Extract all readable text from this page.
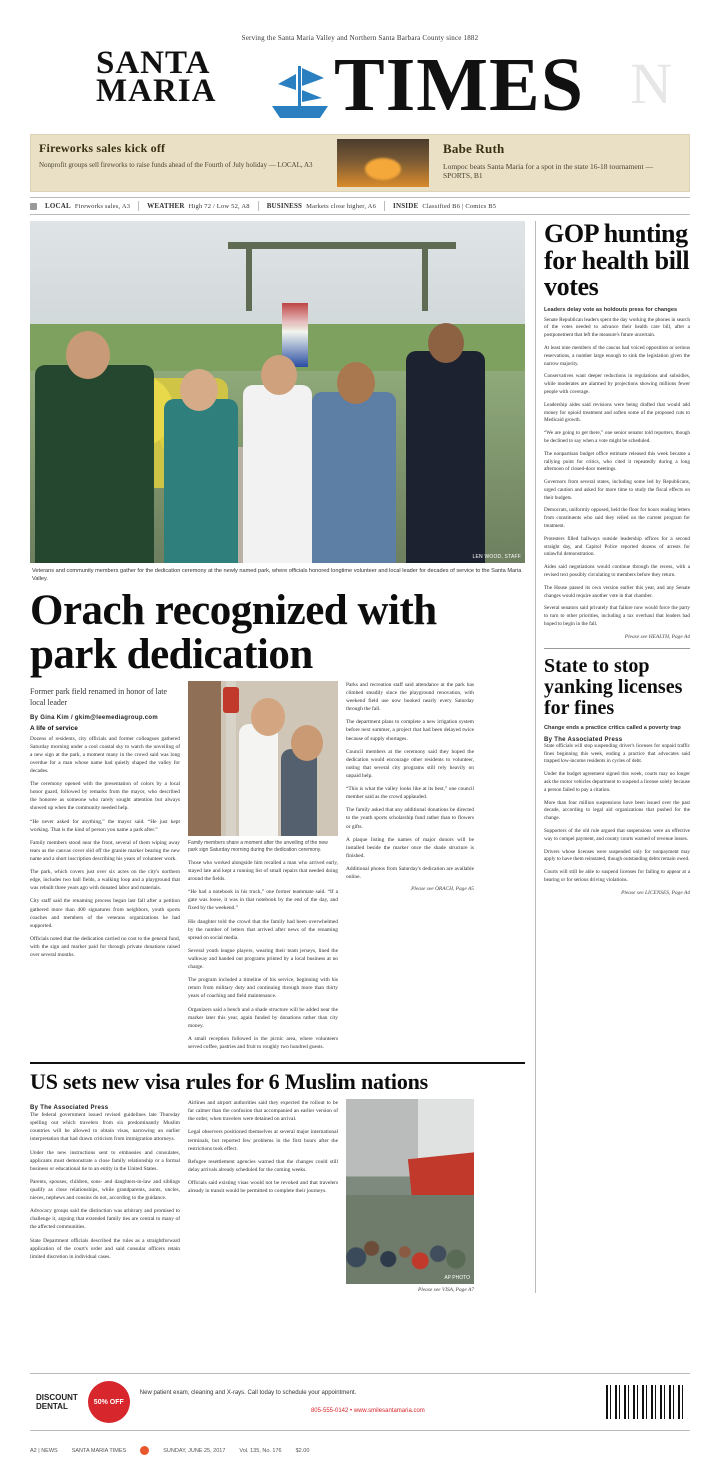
Serving the Santa Maria Valley and Northern Santa Barbara County since 1882
N
SANTA
MARIA TIMES
Fireworks sales kick off
Nonprofit groups sell fireworks to raise funds ahead of the Fourth of July holiday — LOCAL, A3
Babe Ruth
Lompoc beats Santa Maria for a spot in the state 16-18 tournament — SPORTS, B1
LOCAL Fireworks sales, A3 WEATHER High 72 / Low 52, A8 BUSINESS Markets close higher, A6 INSIDE Classified B6 | Comics B5
LEN WOOD, STAFF
Veterans and community members gather for the dedication ceremony at the newly named park, where officials honored longtime volunteer and local leader for decades of service to the Santa Maria Valley.
Orach recognized with park dedication
Former park field renamed in honor of late local leader
By Gina Kim / gkim@leemediagroup.com
A life of service

Dozens of residents, city officials and former colleagues gathered Saturday morning under a cool coastal sky to watch the unveiling of a new sign at the park, a moment many in the crowd said was long overdue for a man whose name had quietly shaped the valley for decades.

The ceremony opened with the presentation of colors by a local honor guard, followed by remarks from the mayor, who described the honoree as someone who rarely sought attention but always showed up when the community needed help.

“He never asked for anything,” the mayor said. “He just kept working. That is the kind of person you name a park after.”

Family members stood near the front, several of them wiping away tears as the canvas cover slid off the granite marker bearing the new name and a short inscription describing his years of volunteer work.

The park, which covers just over six acres on the city's northern edge, includes two ball fields, a walking loop and a playground that was rebuilt three years ago with donated labor and materials.

City staff said the renaming process began last fall after a petition gathered more than 400 signatures from neighbors, youth sports coaches and members of the veterans organizations he had supported.

Officials noted that the dedication carried no cost to the general fund, with the sign and marker paid for through private donations raised over several months.

Family members share a moment after the unveiling of the new park sign Saturday morning during the dedication ceremony.

Those who worked alongside him recalled a man who arrived early, stayed late and kept a running list of small repairs that needed doing around the fields.

“He had a notebook in his truck,” one former teammate said. “If a gate was loose, it was in that notebook by the end of the day, and fixed by the weekend.”

His daughter told the crowd that the family had been overwhelmed by the number of letters that arrived after news of the renaming spread on social media.

Several youth league players, wearing their team jerseys, lined the walkway and handed out programs printed by a local business at no charge.

The program included a timeline of his service, beginning with his return from military duty and continuing through more than thirty years of coaching and field maintenance.

Organizers said a bench and a shade structure will be added near the marker later this year, again funded by donations rather than city money.

A small reception followed in the picnic area, where volunteers served coffee, pastries and fruit to roughly two hundred guests.

Parks and recreation staff said attendance at the park has climbed steadily since the playground renovation, with weekend field use now booked nearly every Saturday through the fall.

The department plans to complete a new irrigation system before next summer, a project that had been delayed twice because of supply shortages.

Council members at the ceremony said they hoped the dedication would encourage other residents to volunteer, noting that several city programs still rely heavily on unpaid help.

“This is what the valley looks like at its best,” one council member said as the crowd applauded.

The family asked that any additional donations be directed to the youth sports scholarship fund rather than to flowers or gifts.

A plaque listing the names of major donors will be installed beside the marker once the shade structure is finished.

Additional photos from Saturday's dedication are available online.

Please see ORACH, Page A5
US sets new visa rules for 6 Muslim nations
By The Associated Press

The federal government issued revised guidelines late Thursday spelling out which travelers from six predominantly Muslim countries will be allowed to obtain visas, narrowing an earlier interpretation that had drawn criticism from immigration attorneys.

Under the new instructions sent to embassies and consulates, applicants must demonstrate a close family relationship or a formal business or educational tie to an entity in the United States.

Parents, spouses, children, sons- and daughters-in-law and siblings qualify as close relationships, while grandparents, aunts, uncles, nieces, nephews and cousins do not, according to the guidance.

Advocacy groups said the distinction was arbitrary and promised to challenge it, arguing that extended family ties are central to many of the affected communities.

State Department officials described the rules as a straightforward application of the court's order and said consular officers retain limited discretion in individual cases.

Airlines and airport authorities said they expected the rollout to be far calmer than the confusion that accompanied an earlier version of the order, when travelers were detained on arrival.

Legal observers positioned themselves at several major international terminals, but reported few problems in the first hours after the restrictions took effect.

Refugee resettlement agencies warned that the changes could still delay arrivals already scheduled for the coming weeks.

Officials said existing visas would not be revoked and that travelers already in transit would be permitted to complete their journeys.

AP PHOTO
Please see VISA, Page A7
GOP hunting for health bill votes
Leaders delay vote as holdouts press for changes

Senate Republican leaders spent the day working the phones in search of the votes needed to advance their health care bill, after a postponement that left the measure's future uncertain.

At least nine members of the caucus had voiced opposition or serious reservations, a number large enough to sink the legislation given the narrow majority.

Conservatives want deeper reductions in regulations and subsidies, while moderates are alarmed by projections showing millions fewer people with coverage.

Leadership aides said revisions were being drafted that would add money for opioid treatment and soften some of the proposed cuts to Medicaid growth.

“We are going to get there,” one senior senator told reporters, though he declined to say when a vote might be scheduled.

The nonpartisan budget office estimate released this week became a rallying point for critics, who cited it repeatedly during a long afternoon of closed-door meetings.

Governors from several states, including some led by Republicans, urged caution and asked for more time to study the fiscal effects on their budgets.

Democrats, uniformly opposed, held the floor for hours reading letters from constituents who said they relied on the current program for treatment.

Protesters filled hallways outside leadership offices for a second straight day, and Capitol Police reported dozens of arrests for unlawful demonstration.

Aides said negotiations would continue through the recess, with a revised text possibly circulating to members before they return.

The House passed its own version earlier this year, and any Senate changes would require another vote in that chamber.

Several senators said privately that failure now would force the party to turn to other priorities, including a tax overhaul that leaders had hoped to begin in the fall.

Please see HEALTH, Page A4
State to stop yanking licenses for fines
Change ends a practice critics called a poverty trap
By The Associated Press

State officials will stop suspending driver's licenses for unpaid traffic fines beginning this week, ending a practice that advocates said trapped low-income residents in cycles of debt.

Under the budget agreement signed this week, courts may no longer ask the motor vehicles department to suspend a license solely because a person failed to pay a citation.

More than four million suspensions have been issued over the past decade, according to legal aid organizations that pushed for the change.

Supporters of the old rule argued that suspensions were an effective way to compel payment, and county courts warned of revenue losses.

Drivers whose licenses were suspended only for nonpayment may apply to have them reinstated, though outstanding debts remain owed.

Courts will still be able to suspend licenses for failing to appear at a hearing or for serious driving violations.

Please see LICENSES, Page A4
DISCOUNT
DENTAL	50% OFF
New patient exam, cleaning and X-rays. Call today to schedule your appointment.
805-555-0142 • www.smilesantamaria.com
A2 | NEWS	SANTA MARIA TIMES	SUNDAY, JUNE 25, 2017	Vol. 135, No. 176	$2.00
